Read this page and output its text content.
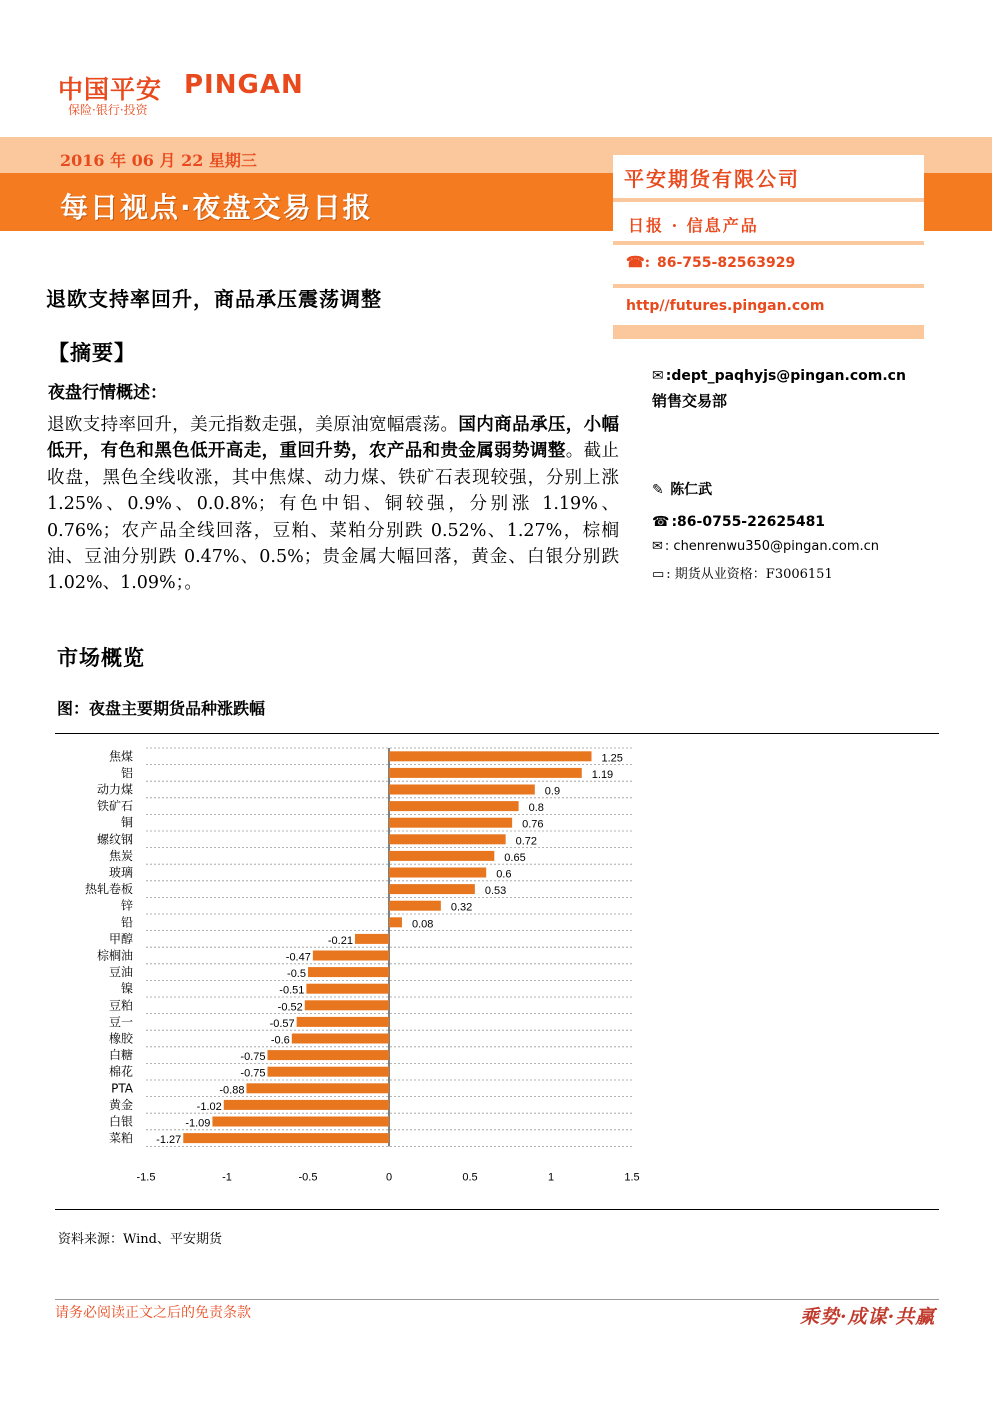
中国平安 PINGAN
保险·银行·投资
2016 年 06 月 22 星期三
每日视点·夜盘交易日报
平安期货有限公司
日报 · 信息产品
☎: 86-755-82563929
http//futures.pingan.com
✉ :dept_paqhyjs@pingan.com.cn
销售交易部
✎ 陈仁武
☎ :86-0755-22625481
✉ : chenrenwu350@pingan.com.cn
▭ : 期货从业资格：F3006151
退欧支持率回升，商品承压震荡调整
【摘要】
夜盘行情概述：
退欧支持率回升，美元指数走强，美原油宽幅震荡。国内商品承压，小幅低开，有色和黑色低开高走，重回升势，农产品和贵金属弱势调整。截止收盘，黑色全线收涨，其中焦煤、动力煤、铁矿石表现较强，分别上涨 1.25%、0.9%、0.0.8%；有色中铝、铜较强，分别涨 1.19%、0.76%；农产品全线回落，豆粕、菜粕分别跌 0.52%、1.27%，棕榈油、豆油分别跌 0.47%、0.5%；贵金属大幅回落，黄金、白银分别跌 1.02%、1.09%；。
市场概览
图：夜盘主要期货品种涨跌幅
-1.5	-1	-0.5	0	0.5	1	1.5
焦煤	1.25
铝	1.19
动力煤	0.9
铁矿石	0.8
铜	0.76
螺纹钢	0.72
焦炭	0.65
玻璃	0.6
热轧卷板	0.53
锌	0.32
铅	0.08
甲醇	-0.21
棕榈油	-0.47
豆油	-0.5
镍	-0.51
豆粕	-0.52
豆一	-0.57
橡胶	-0.6
白糖	-0.75
棉花	-0.75
PTA	-0.88
黄金	-1.02
白银	-1.09
菜粕 -1.27
资料来源：Wind、平安期货
请务必阅读正文之后的免责条款	乘势·成谋·共赢
